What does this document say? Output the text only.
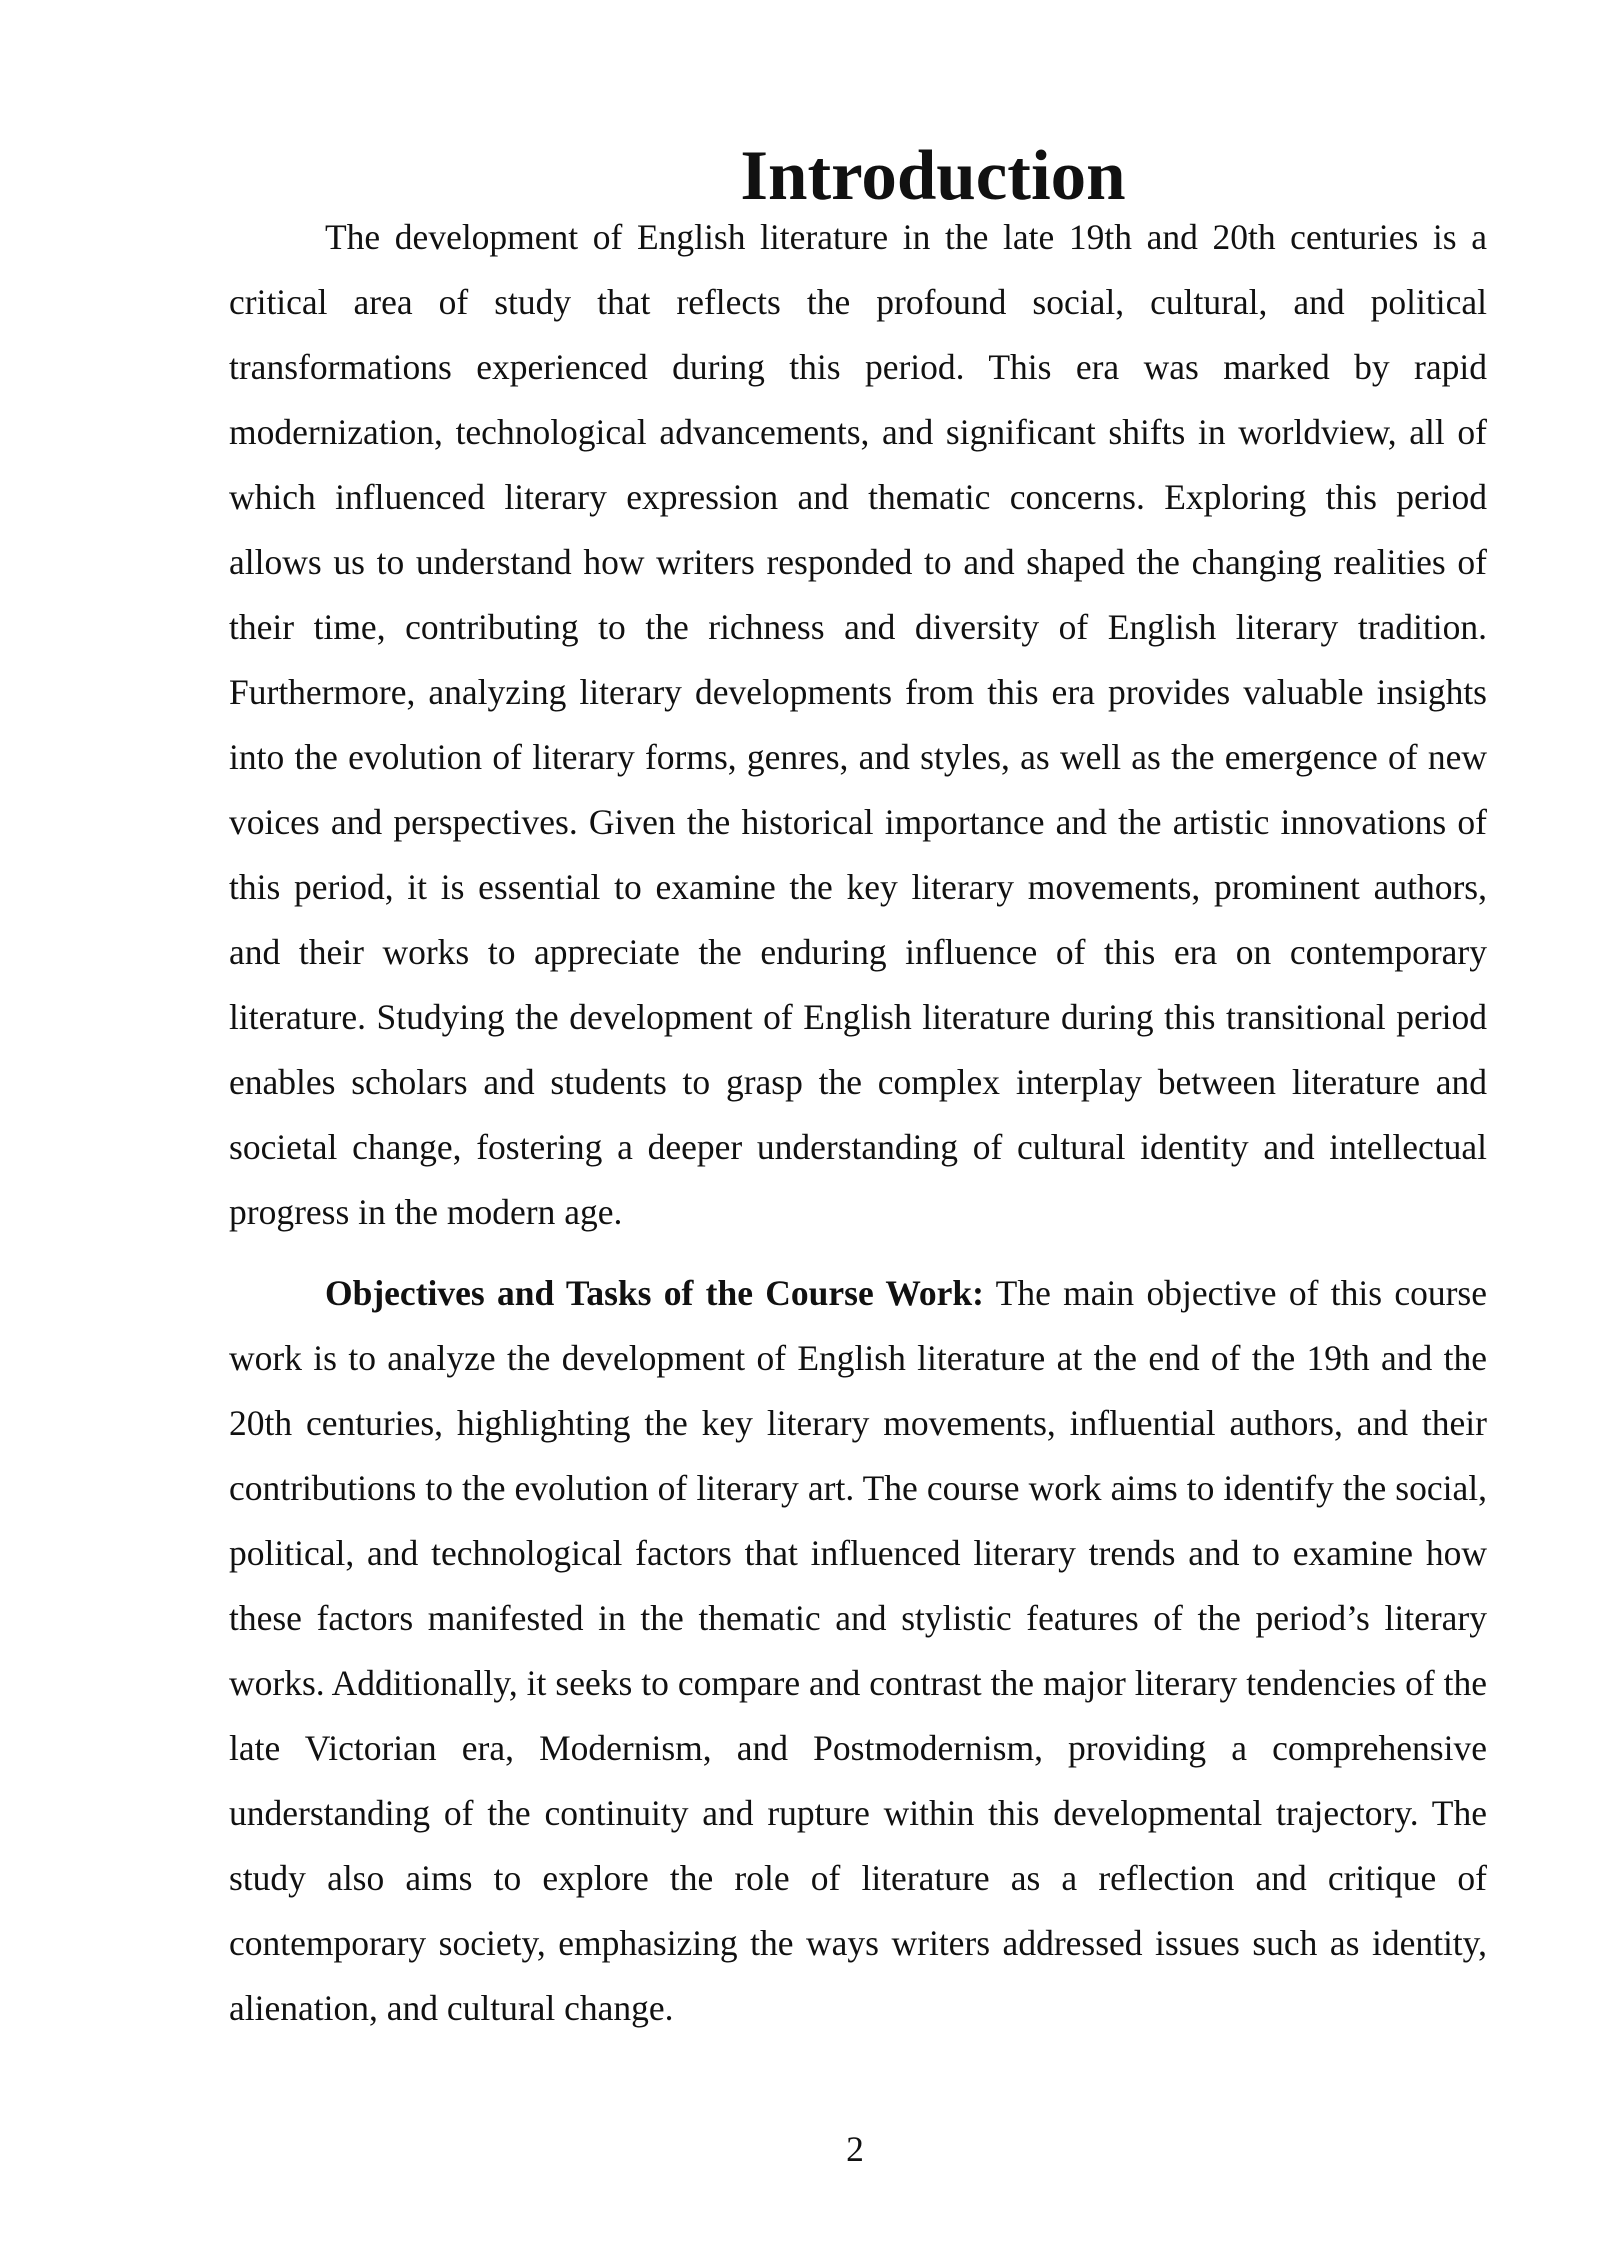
Introduction

The development of English literature in the late 19th and 20th centuries is a critical area of study that reflects the profound social, cultural, and political transformations experienced during this period. This era was marked by rapid modernization, technological advancements, and significant shifts in worldview, all of which influenced literary expression and thematic concerns. Exploring this period allows us to understand how writers responded to and shaped the changing realities of their time, contributing to the richness and diversity of English literary tradition. Furthermore, analyzing literary developments from this era provides valuable insights into the evolution of literary forms, genres, and styles, as well as the emergence of new voices and perspectives. Given the historical importance and the artistic innovations of this period, it is essential to examine the key literary movements, prominent authors, and their works to appreciate the enduring influence of this era on contemporary literature. Studying the development of English literature during this transitional period enables scholars and students to grasp the complex interplay between literature and societal change, fostering a deeper understanding of cultural identity and intellectual progress in the modern age.

Objectives and Tasks of the Course Work: The main objective of this course work is to analyze the development of English literature at the end of the 19th and the 20th centuries, highlighting the key literary movements, influential authors, and their contributions to the evolution of literary art. The course work aims to identify the social, political, and technological factors that influenced literary trends and to examine how these factors manifested in the thematic and stylistic features of the period’s literary works. Additionally, it seeks to compare and contrast the major literary tendencies of the late Victorian era, Modernism, and Postmodernism, providing a comprehensive understanding of the continuity and rupture within this developmental trajectory. The study also aims to explore the role of literature as a reflection and critique of contemporary society, emphasizing the ways writers addressed issues such as identity, alienation, and cultural change.

2
